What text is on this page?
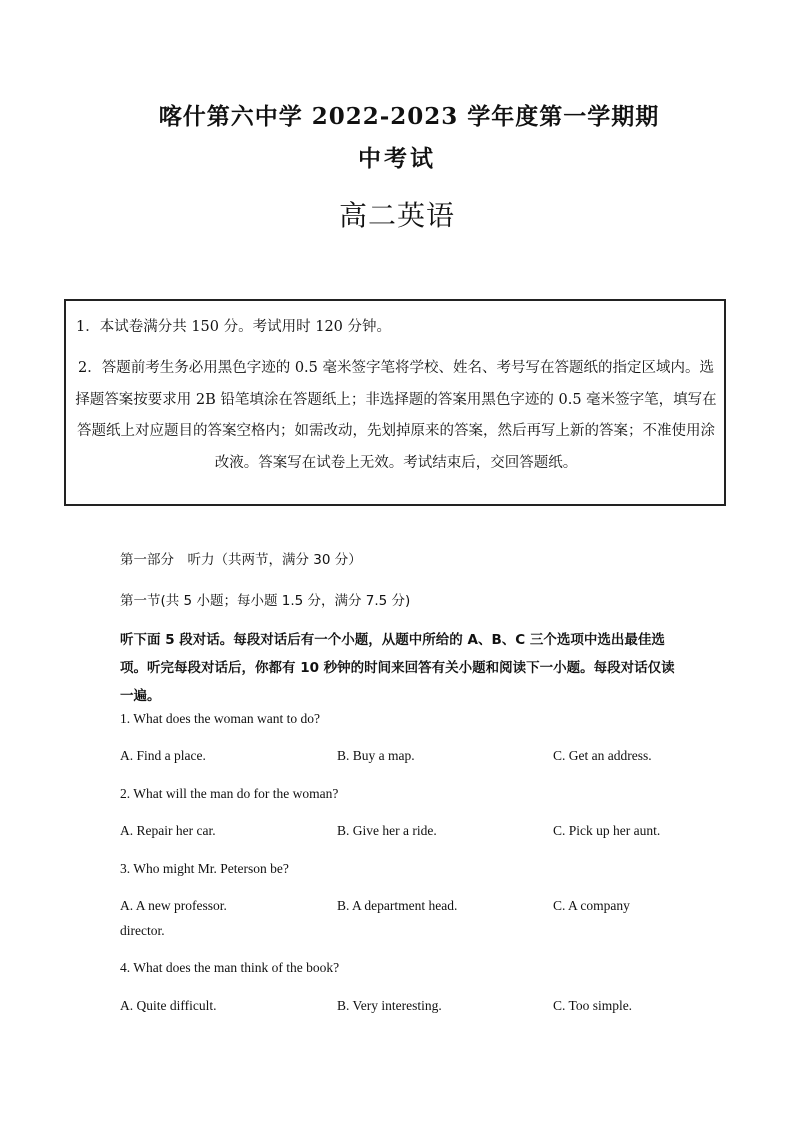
喀什第六中学 2022-2023 学年度第一学期期
中考试
高二英语
1．本试卷满分共 150 分。考试用时 120 分钟。
2．答题前考生务必用黑色字迹的 0.5 毫米签字笔将学校、姓名、考号写在答题纸的指定区域内。选择题答案按要求用 2B 铅笔填涂在答题纸上；非选择题的答案用黑色字迹的 0.5 毫米签字笔，填写在答题纸上对应题目的答案空格内；如需改动，先划掉原来的答案，然后再写上新的答案；不准使用涂改液。答案写在试卷上无效。考试结束后，交回答题纸。
第一部分　听力（共两节，满分 30 分）
第一节(共 5 小题；每小题 1.5 分，满分 7.5 分)
听下面 5 段对话。每段对话后有一个小题，从题中所给的 A、B、C 三个选项中选出最佳选项。听完每段对话后，你都有 10 秒钟的时间来回答有关小题和阅读下一小题。每段对话仅读一遍。
1. What does the woman want to do?
A. Find a place.	B. Buy a map.	C. Get an address.
2. What will the man do for the woman?
A. Repair her car.	B. Give her a ride.	C. Pick up her aunt.
3. Who might Mr. Peterson be?
A. A new professor.	B. A department head.	C. A company
director.
4. What does the man think of the book?
A. Quite difficult.	B. Very interesting.	C. Too simple.
